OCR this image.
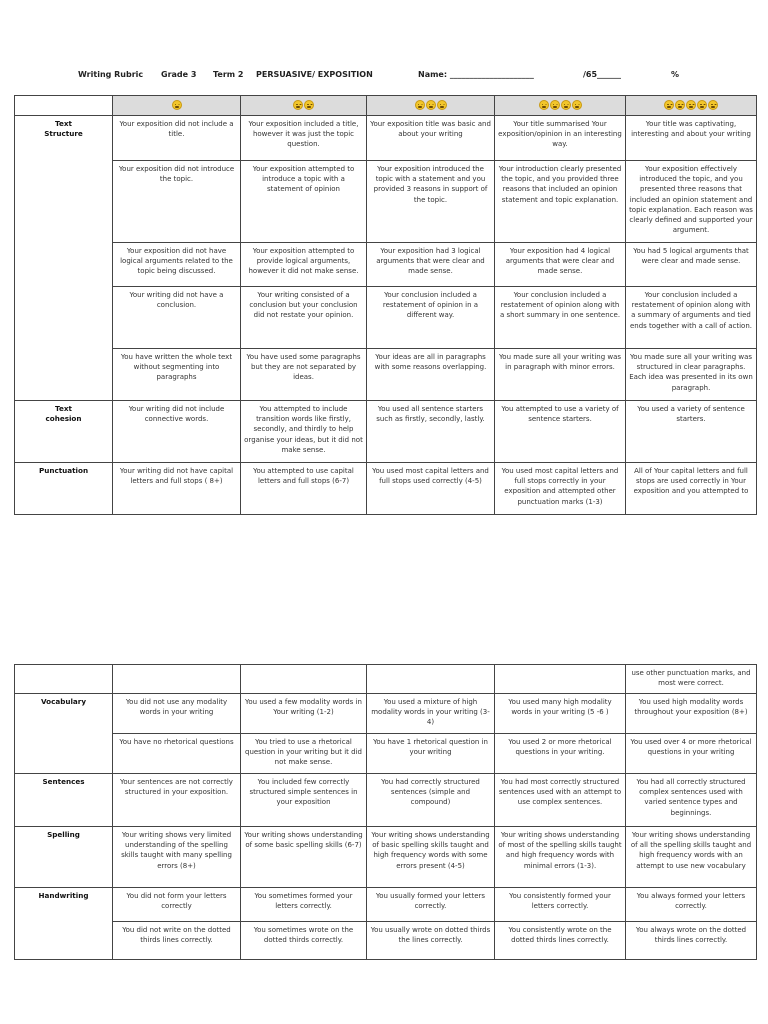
Writing Rubric Grade 3 Term 2 PERSUASIVE/ EXPOSITION	Name: _____________________	/65______	%

Text
Structure	Your exposition did not include a title.	Your exposition included a title, however it was just the topic question.	Your exposition title was basic and about your writing	Your title summarised Your exposition/opinion in an interesting way.	Your title was captivating, interesting and about your writing
	Your exposition did not introduce the topic.	Your exposition attempted to introduce a topic with a statement of opinion	Your exposition introduced the topic with a statement and you provided 3 reasons in support of the topic.	Your introduction clearly presented the topic, and you provided three reasons that included an opinion statement and topic explanation.	Your exposition effectively introduced the topic, and you presented three reasons that included an opinion statement and topic explanation. Each reason was clearly defined and supported your argument.
	Your exposition did not have logical arguments related to the topic being discussed.	Your exposition attempted to provide logical arguments, however it did not make sense.	Your exposition had 3 logical arguments that were clear and made sense.	Your exposition had 4 logical arguments that were clear and made sense.	You had 5 logical arguments that were clear and made sense.
	Your writing did not have a conclusion.	Your writing consisted of a conclusion but your conclusion did not restate your opinion.	Your conclusion included a restatement of opinion in a different way.	Your conclusion included a restatement of opinion along with a short summary in one sentence.	Your conclusion included a restatement of opinion along with a summary of arguments and tied ends together with a call of action.
	You have written the whole text without segmenting into paragraphs	You have used some paragraphs but they are not separated by ideas.	Your ideas are all in paragraphs with some reasons overlapping.	You made sure all your writing was in paragraph with minor errors.	You made sure all your writing was structured in clear paragraphs. Each idea was presented in its own paragraph.
Text
cohesion	Your writing did not include connective words.	You attempted to include transition words like firstly, secondly, and thirdly to help organise your ideas, but it did not make sense.	You used all sentence starters such as firstly, secondly, lastly.	You attempted to use a variety of sentence starters.	You used a variety of sentence starters.
Punctuation	Your writing did not have capital letters and full stops ( 8+)	You attempted to use capital letters and full stops (6-7)	You used most capital letters and full stops used correctly (4-5)	You used most capital letters and full stops correctly in your exposition and attempted other punctuation marks (1-3)	All of Your capital letters and full stops are used correctly in Your exposition and you attempted to
					use other punctuation marks, and most were correct.
Vocabulary	You did not use any modality words in your writing	You used a few modality words in Your writing (1-2)	You used a mixture of high modality words in your writing (3-4)	You used many high modality words in your writing (5 -6 )	You used high modality words throughout your exposition (8+)
	You have no rhetorical questions	You tried to use a rhetorical question in your writing but it did not make sense.	You have 1 rhetorical question in your writing	You used 2 or more rhetorical questions in your writing.	You used over 4 or more rhetorical questions in your writing
Sentences	Your sentences are not correctly structured in your exposition.	You included few correctly structured simple sentences in your exposition	You had correctly structured sentences (simple and compound)	You had most correctly structured sentences used with an attempt to use complex sentences.	You had all correctly structured complex sentences used with varied sentence types and beginnings.
Spelling	Your writing shows very limited understanding of the spelling skills taught with many spelling errors (8+)	Your writing shows understanding of some basic spelling skills (6-7)	Your writing shows understanding of basic spelling skills taught and high frequency words with some errors present (4-5)	Your writing shows understanding of most of the spelling skills taught and high frequency words with minimal errors (1-3).	Your writing shows understanding of all the spelling skills taught and high frequency words with an attempt to use new vocabulary
Handwriting	You did not form your letters correctly	You sometimes formed your letters correctly.	You usually formed your letters correctly.	You consistently formed your letters correctly.	You always formed your letters correctly.
	You did not write on the dotted thirds lines correctly.	You sometimes wrote on the dotted thirds correctly.	You usually wrote on dotted thirds the lines correctly.	You consistently wrote on the dotted thirds lines correctly.	You always wrote on the dotted thirds lines correctly.
